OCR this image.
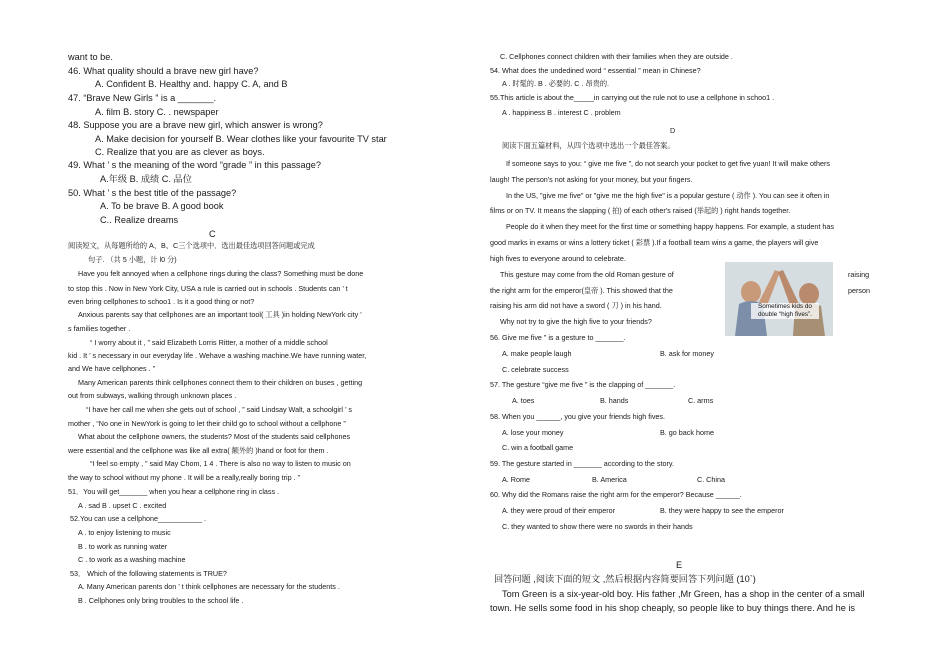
want to be.
46. What quality should a brave new girl have?
A. Confident B. Healthy and. happy C. A, and B
47. “Brave New Girls ” is a _______.
A. film B. story C. . newspaper
48. Suppose you are a brave new girl, which answer is wrong?
A. Make decision for yourself B. Wear clothes like your favourite TV star
C. Realize that you are as clever as boys.
49. What ’ s the meaning of the word “grade ” in this passage?
A.年级 B. 成绩 C. 品位
50. What ’ s the best title of the passage?
A. To be brave B. A good book
C.. Realize dreams
C
阅读短文，从每题所给的 A、B、C三个选项中．选出最佳选项回答问题或完成
句子. （共 5 小题，计 l0 分)
Have you felt annoyed when a cellphone rings during the class? Something must be done
to stop this . Now in New York City, USA a rule is carried out in schools . Students can ’ t
even bring cellphones to schoo1 . Is it a good thing or not?
Anxious parents say that cellphones are an important tool( 工具 )in holding NewYork city ’
s families together .
“ I worry about it , ” said Elizabeth Lorris Ritter, a mother of a middle school
kid . It ’ s necessary in our everyday life . Wehave a washing machine.We have running water,
and We have cellphones . ”
Many American parents think cellphones connect them to their children on buses , getting
out from subways, walking through unknown places .
“I have her call me when she gets out of school , ” said Lindsay Walt, a schoolgirl ’ s
mother , “No one in NewYork is going to let their child go to school without a cellphone ”
What about the cellphone owners, the students? Most of the students said cellphones
were essential and the cellphone was like all extra( 额外的 )hand or foot for them .
“I feel so empty , ” said May Chom, 1 4 . There is also no way to listen to music on
the way to school without my phone . It will be a really,really boring trip . ”
51．You will get_______ when you hear a cellphone ring in class .
A . sad B . upset C . excited
52.You can use a cellphone___________ .
A . to enjoy listening to music
B . to work as running water
C . to work as a washing machine
53． Which of the following statements is TRUE?
A. Many American parents don ’ t think cellphones are necessary for the students .
B . Cellphones only bring troubles to the school life .
C. Cellphones connect children with their families when they are outside .
54. What does the undedined word “ essential ” mean in Chinese?
A . 时髦的. B . 必要的. C . 昂贵的.
55.This article is about the_____in carrying out the rule not to use a cellphone in schoo1 .
A . happiness B . interest C . problem
D
阅读下面五篇材料，从四个选项中选出一个最佳答案。
If someone says to you: “ give me five ”, do not search your pocket to get five yuan! It will make others
laugh! The person's not asking for your money, but your fingers.
In the US, "give me five" or "give me the high five" is a popular gesture ( 动作 ). You can see it often in
films or on TV. It means the slapping ( 拍) of each other's raised (举起的 ) right hands together.
People do it when they meet for the first time or something happy happens. For example, a student has
good marks in exams or wins a lottery ticket ( 彩票 ).If a football team wins a game, the players will give
high fives to everyone around to celebrate.
This gesture may come from the old Roman gesture of	raising
the right arm for the emperor(皇帝 ). This showed that the	person
raising his arm did not have a sword ( 刀 ) in his hand.
Why not try to give the high five to your friends?
Sometimes kids do double “high fives”.
56. Give me five ” is a gesture to _______.
A. make people laugh	B. ask for money
C. celebrate success
57. The gesture “give me five ” is the clapping of _______.
A. toes	B. hands	C. arms
58. When you ______, you give your friends high fives.
A. lose your money	B. go back home
C. win a football game
59. The gesture started in _______ according to the story.
A. Rome	B. America	C. China
60. Why did the Romans raise the right arm for the emperor? Because ______.
A. they were proud of their emperor	B. they were happy to see the emperor
C. they wanted to show there were no swords in their hands
E
回答问题 ,阅读下面的短文 ,然后根据内容简要回答下列问题 (10`)
Tom Green is a six-year-old boy. His father ,Mr Green, has a shop in the center of a small
town. He sells some food in his shop cheaply, so people like to buy things there. And he is
